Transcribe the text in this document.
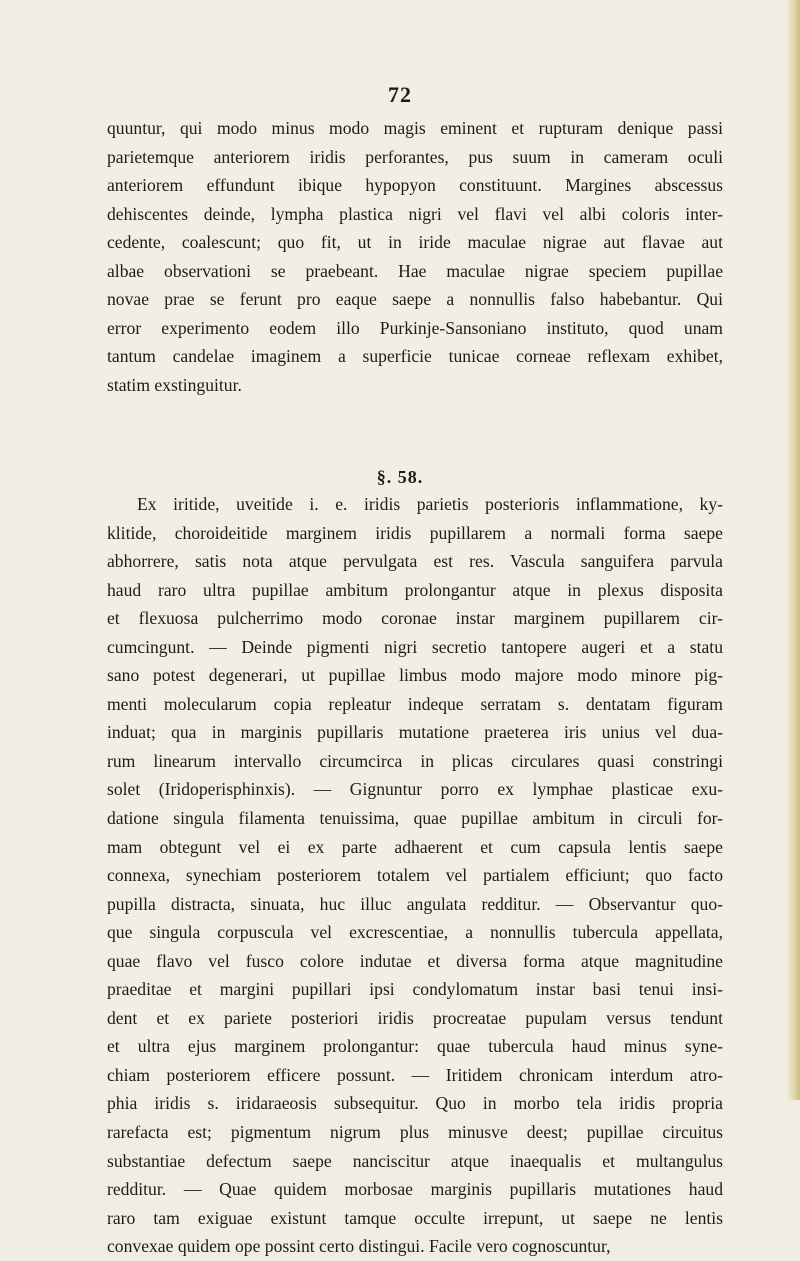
72
quuntur, qui modo minus modo magis eminent et rupturam denique passi
parietemque anteriorem iridis perforantes, pus suum in cameram oculi
anteriorem effundunt ibique hypopyon constituunt. Margines abscessus
dehiscentes deinde, lympha plastica nigri vel flavi vel albi coloris inter-
cedente, coalescunt; quo fit, ut in iride maculae nigrae aut flavae aut
albae observationi se praebeant. Hae maculae nigrae speciem pupillae
novae prae se ferunt pro eaque saepe a nonnullis falso habebantur. Qui
error experimento eodem illo Purkinje-Sansoniano instituto, quod unam
tantum candelae imaginem a superficie tunicae corneae reflexam exhibet,
statim exstinguitur.
§. 58.
Ex iritide, uveitide i. e. iridis parietis posterioris inflammatione, ky-
klitide, choroideitide marginem iridis pupillarem a normali forma saepe
abhorrere, satis nota atque pervulgata est res. Vascula sanguifera parvula
haud raro ultra pupillae ambitum prolongantur atque in plexus disposita
et flexuosa pulcherrimo modo coronae instar marginem pupillarem cir-
cumcingunt. — Deinde pigmenti nigri secretio tantopere augeri et a statu
sano potest degenerari, ut pupillae limbus modo majore modo minore pig-
menti molecularum copia repleatur indeque serratam s. dentatam figuram
induat; qua in marginis pupillaris mutatione praeterea iris unius vel dua-
rum linearum intervallo circumcirca in plicas circulares quasi constringi
solet (Iridoperisphinxis). — Gignuntur porro ex lymphae plasticae exu-
datione singula filamenta tenuissima, quae pupillae ambitum in circuli for-
mam obtegunt vel ei ex parte adhaerent et cum capsula lentis saepe
connexa, synechiam posteriorem totalem vel partialem efficiunt; quo facto
pupilla distracta, sinuata, huc illuc angulata redditur. — Observantur quo-
que singula corpuscula vel excrescentiae, a nonnullis tubercula appellata,
quae flavo vel fusco colore indutae et diversa forma atque magnitudine
praeditae et margini pupillari ipsi condylomatum instar basi tenui insi-
dent et ex pariete posteriori iridis procreatae pupulam versus tendunt
et ultra ejus marginem prolongantur: quae tubercula haud minus syne-
chiam posteriorem efficere possunt. — Iritidem chronicam interdum atro-
phia iridis s. iridaraeosis subsequitur. Quo in morbo tela iridis propria
rarefacta est; pigmentum nigrum plus minusve deest; pupillae circuitus
substantiae defectum saepe nanciscitur atque inaequalis et multangulus
redditur. — Quae quidem morbosae marginis pupillaris mutationes haud
raro tam exiguae existunt tamque occulte irrepunt, ut saepe ne lentis
convexae quidem ope possint certo distingui. Facile vero cognoscuntur,
